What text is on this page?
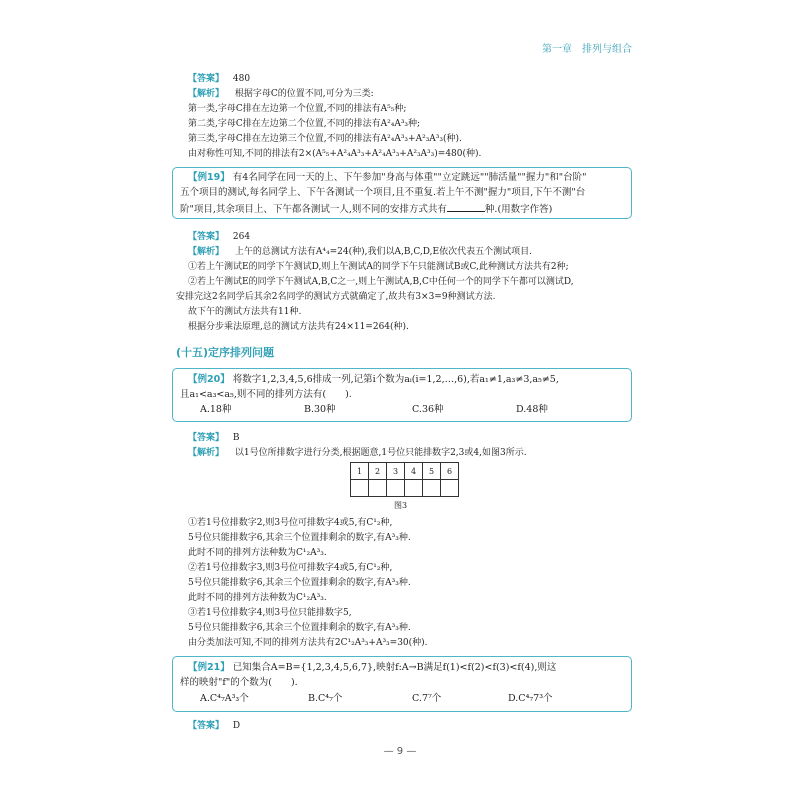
第一章　排列与组合
【答案】 480
【解析】 根据字母C的位置不同,可分为三类:
第一类,字母C排在左边第一个位置,不同的排法有A⁵₅种;
第二类,字母C排在左边第二个位置,不同的排法有A²₄A³₃种;
第三类,字母C排在左边第三个位置,不同的排法有A²₄A³₃+A²₃A³₃(种).
由对称性可知,不同的排法有2×(A⁵₅+A²₄A³₃+A²₄A³₃+A²₃A³₃)=480(种).
【例19】 有4名同学在同一天的上、下午参加"身高与体重""立定跳远""肺活量""握力"和"台阶"
五个项目的测试,每名同学上、下午各测试一个项目,且不重复.若上午不测"握力"项目,下午不测"台
阶"项目,其余项目上、下午都各测试一人,则不同的安排方式共有	种.(用数字作答)
【答案】 264
【解析】 上午的总测试方法有A⁴₄=24(种),我们以A,B,C,D,E依次代表五个测试项目.
①若上午测试E的同学下午测试D,则上午测试A的同学下午只能测试B或C,此种测试方法共有2种;
②若上午测试E的同学下午测试A,B,C之一,则上午测试A,B,C中任何一个的同学下午都可以测试D,
安排完这2名同学后其余2名同学的测试方式就确定了,故共有3×3=9种测试方法.
故下午的测试方法共有11种.
根据分步乘法原理,总的测试方法共有24×11=264(种).
(十五)定序排列问题
【例20】 将数字1,2,3,4,5,6排成一列,记第i个数为aᵢ(i=1,2,…,6),若a₁≠1,a₃≠3,a₅≠5,
且a₁<a₃<a₅,则不同的排列方法有(　　).
A.18种	B.30种	C.36种	D.48种
【答案】 B
【解析】 以1号位所排数字进行分类,根据题意,1号位只能排数字2,3或4,如图3所示.
1	2	3	4	5	6

图3
①若1号位排数字2,则3号位可排数字4或5,有C¹₂种,
5号位只能排数字6,其余三个位置排剩余的数字,有A³₃种.
此时不同的排列方法种数为C¹₂A³₃.
②若1号位排数字3,则3号位可排数字4或5,有C¹₂种,
5号位只能排数字6,其余三个位置排剩余的数字,有A³₃种.
此时不同的排列方法种数为C¹₂A³₃.
③若1号位排数字4,则3号位只能排数字5,
5号位只能排数字6,其余三个位置排剩余的数字,有A³₃种.
由分类加法可知,不同的排列方法共有2C¹₂A³₃+A³₃=30(种).
【例21】 已知集合A=B={1,2,3,4,5,6,7},映射f:A→B满足f(1)<f(2)<f(3)<f(4),则这
样的映射"f"的个数为(　　).
A.C⁴₇A³₃个	B.C⁴₇个	C.7⁷个	D.C⁴₇7³个
【答案】 D
— 9 —
